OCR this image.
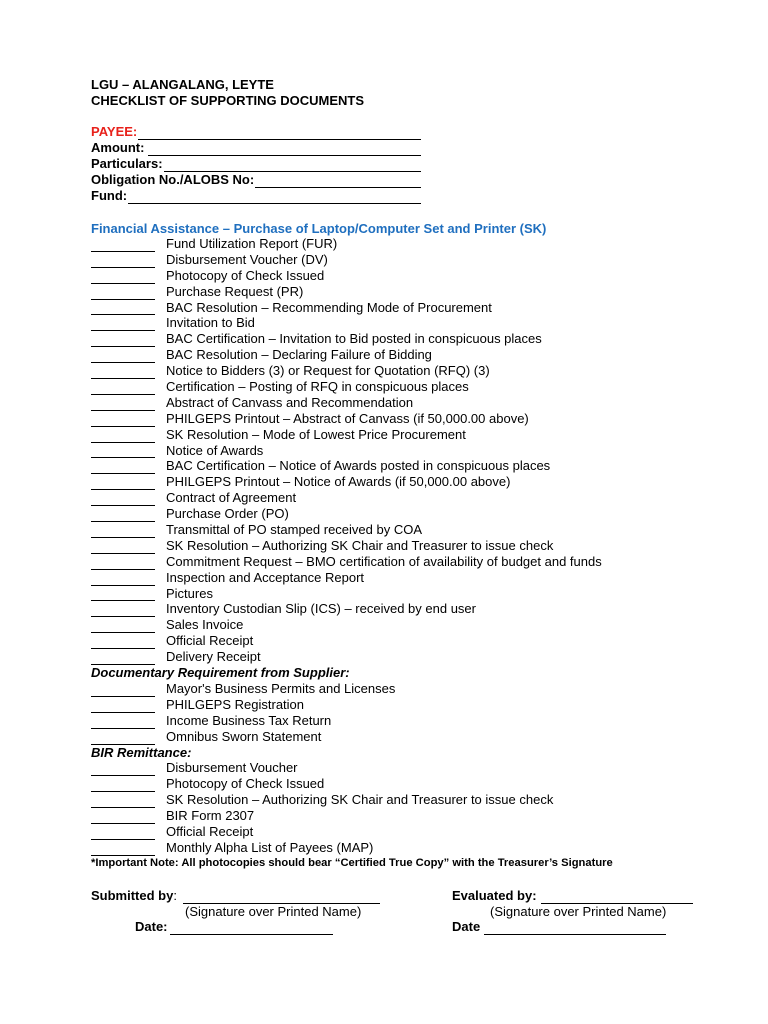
LGU – ALANGALANG, LEYTE
CHECKLIST OF SUPPORTING DOCUMENTS
PAYEE:
Amount:
Particulars:
Obligation No./ALOBS No:
Fund:
Financial Assistance – Purchase of Laptop/Computer Set and Printer (SK)
Fund Utilization Report (FUR)
Disbursement Voucher (DV)
Photocopy of Check Issued
Purchase Request (PR)
BAC Resolution – Recommending Mode of Procurement
Invitation to Bid
BAC Certification – Invitation to Bid posted in conspicuous places
BAC Resolution – Declaring Failure of Bidding
Notice to Bidders (3) or Request for Quotation (RFQ) (3)
Certification – Posting of RFQ in conspicuous places
Abstract of Canvass and Recommendation
PHILGEPS Printout – Abstract of Canvass (if 50,000.00 above)
SK Resolution – Mode of Lowest Price Procurement
Notice of Awards
BAC Certification – Notice of Awards posted in conspicuous places
PHILGEPS Printout – Notice of Awards (if 50,000.00 above)
Contract of Agreement
Purchase Order (PO)
Transmittal of PO stamped received by COA
SK Resolution – Authorizing SK Chair and Treasurer to issue check
Commitment Request – BMO certification of availability of budget and funds
Inspection and Acceptance Report
Pictures
Inventory Custodian Slip (ICS) – received by end user
Sales Invoice
Official Receipt
Delivery Receipt
Documentary Requirement from Supplier:
Mayor's Business Permits and Licenses
PHILGEPS Registration
Income Business Tax Return
Omnibus Sworn Statement
BIR Remittance:
Disbursement Voucher
Photocopy of Check Issued
SK Resolution – Authorizing SK Chair and Treasurer to issue check
BIR Form 2307
Official Receipt
Monthly Alpha List of Payees (MAP)
*Important Note: All photocopies should bear “Certified True Copy” with the Treasurer’s Signature
Submitted by :
(Signature over Printed Name)
Date:
Evaluated by:
(Signature over Printed Name)
Date
